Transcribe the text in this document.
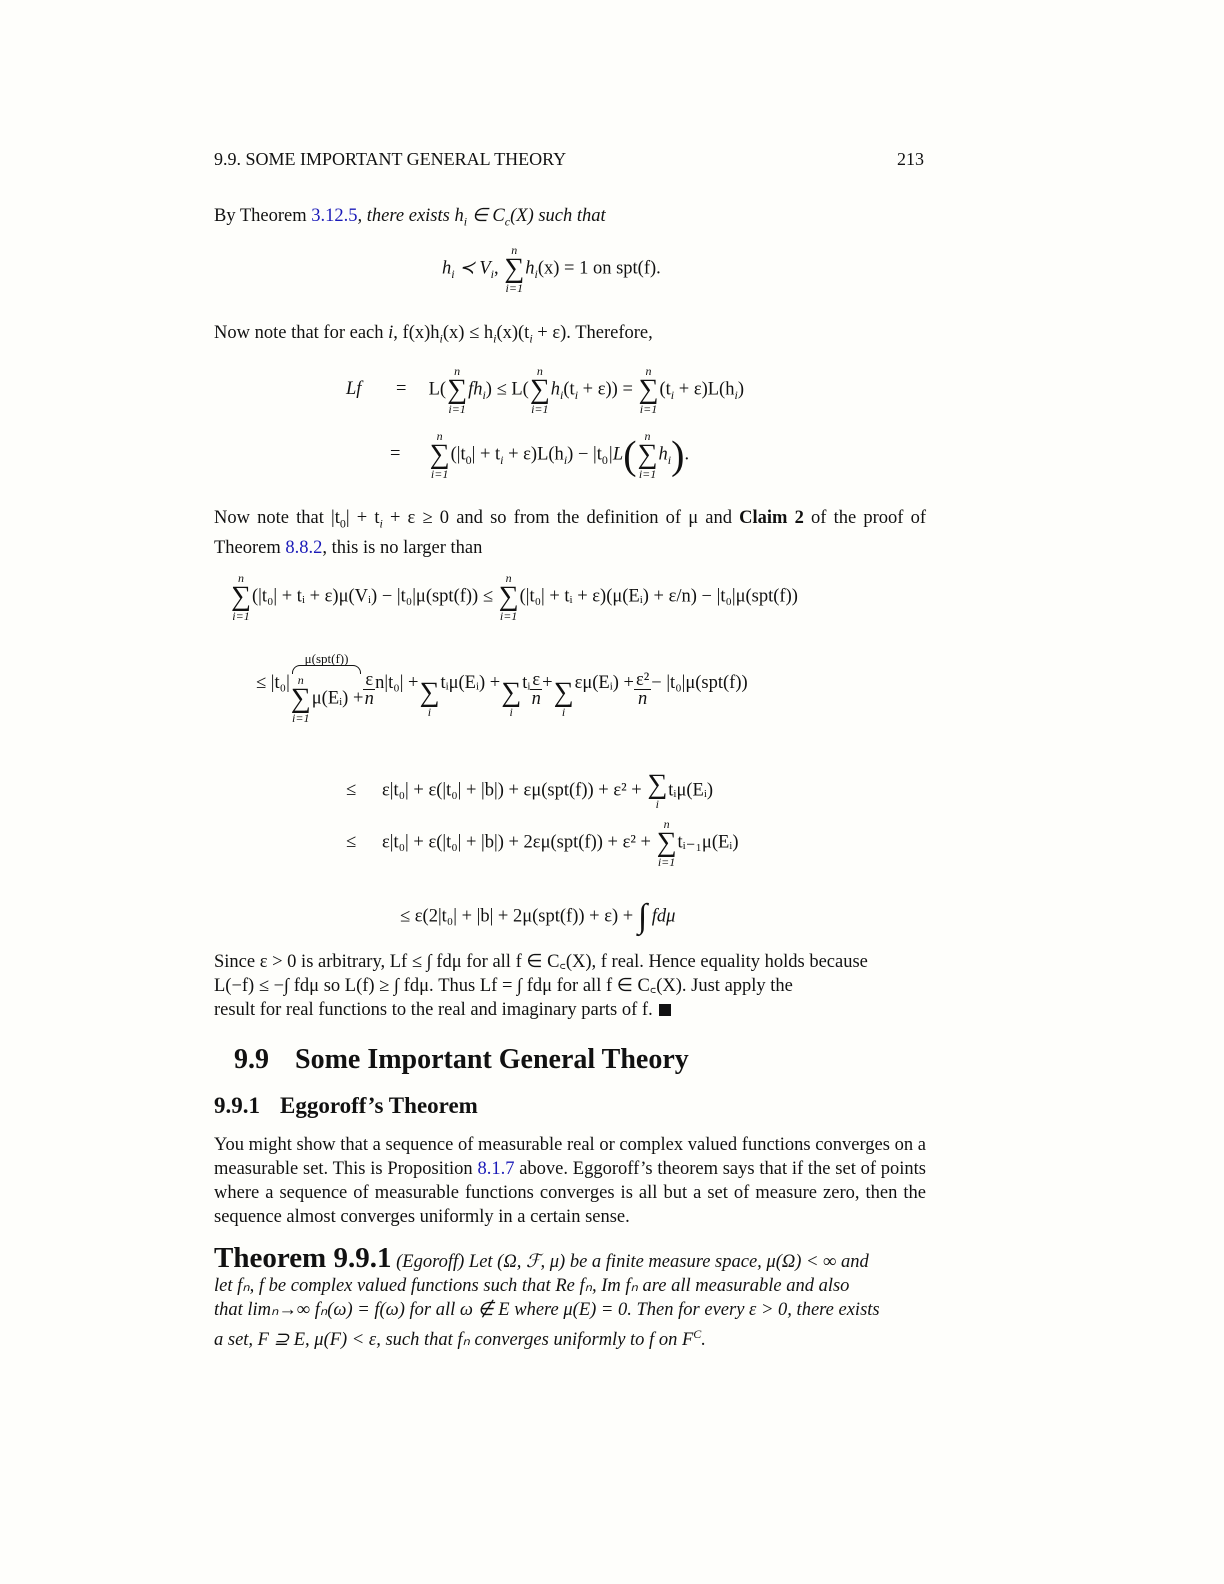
9.9. SOME IMPORTANT GENERAL THEORY	213
By Theorem 3.12.5, there exists $h_i$ ∈ $C_c(X)$ such that
$h_i$ ≺ $V_i$,
n
∑
i=1
$h_i(x) = 1$ on spt(f).
Now note that for each i, $f(x)h_i(x) \le h_i(x)(t_i + \varepsilon)$. Therefore,
Lf = L(
n
∑
i=1
$fh_i) \le L$(
n
∑
i=1
$h_i(t_i + \varepsilon)$) =
n
∑
i=1
$(t_i + \varepsilon)L(h_i)$
=
n
∑
i=1
$(|t_0| + t_i + \varepsilon)L(h_i) - |t_0|L$( n
∑
i=1
$h_i$).
Now note that $|t_0| + t_i + \varepsilon \ge 0$ and so from the definition of μ and Claim 2 of the proof of Theorem 8.8.2, this is no larger than
n
∑
i=1
(|t₀| + tᵢ + ε)μ(Vᵢ) − |t₀|μ(spt(f)) ≤
n
∑
i=1
(|t₀| + tᵢ + ε)(μ(Eᵢ) + ε/n) − |t₀|μ(spt(f))
≤ |t₀|
μ(spt(f))
n
∑
i=1
μ(Eᵢ) + $\frac{\varepsilon}{n} n|t_0|$ + ∑
i
tᵢμ(Eᵢ) + ∑
i
tᵢ $\frac{\varepsilon}{n}$ + ∑
i
εμ(Eᵢ) + $\frac{\text{ε²}}{n} - |t_0|\mu(spt(f))$
≤ ε|t₀| + ε(|t₀| + |b|) + εμ(spt(f)) + ε² + ∑
i
tᵢμ(Eᵢ)
≤ ε|t₀| + ε(|t₀| + |b|) + 2εμ(spt(f)) + ε² +
n
∑
i=1
tᵢ₋₁μ(Eᵢ)
≤ ε(2|t₀| + |b| + 2μ(spt(f)) + ε) + ∫ fdμ
Since ε > 0 is arbitrary, Lf ≤ ∫ fdμ for all f ∈ C꜀(X), f real. Hence equality holds because
L(−f) ≤ −∫ fdμ so L(f) ≥ ∫ fdμ. Thus Lf = ∫ fdμ for all f ∈ C꜀(X). Just apply the
result for real functions to the real and imaginary parts of f.
9.9 Some Important General Theory
9.9.1 Eggoroff’s Theorem
You might show that a sequence of measurable real or complex valued functions converges on a measurable set. This is Proposition 8.1.7 above. Eggoroff’s theorem says that if the set of points where a sequence of measurable functions converges is all but a set of measure zero, then the sequence almost converges uniformly in a certain sense.
Theorem 9.9.1 (Egoroff) Let (Ω, ℱ, μ) be a finite measure space, μ(Ω) < ∞ and
let fₙ, f be complex valued functions such that Re fₙ, Im fₙ are all measurable and also
that limₙ→∞ fₙ(ω) = f(ω) for all ω ∉ E where μ(E) = 0. Then for every ε > 0, there exists
a set, F ⊇ E, μ(F) < ε, such that fₙ converges uniformly to f on $F^C$.
